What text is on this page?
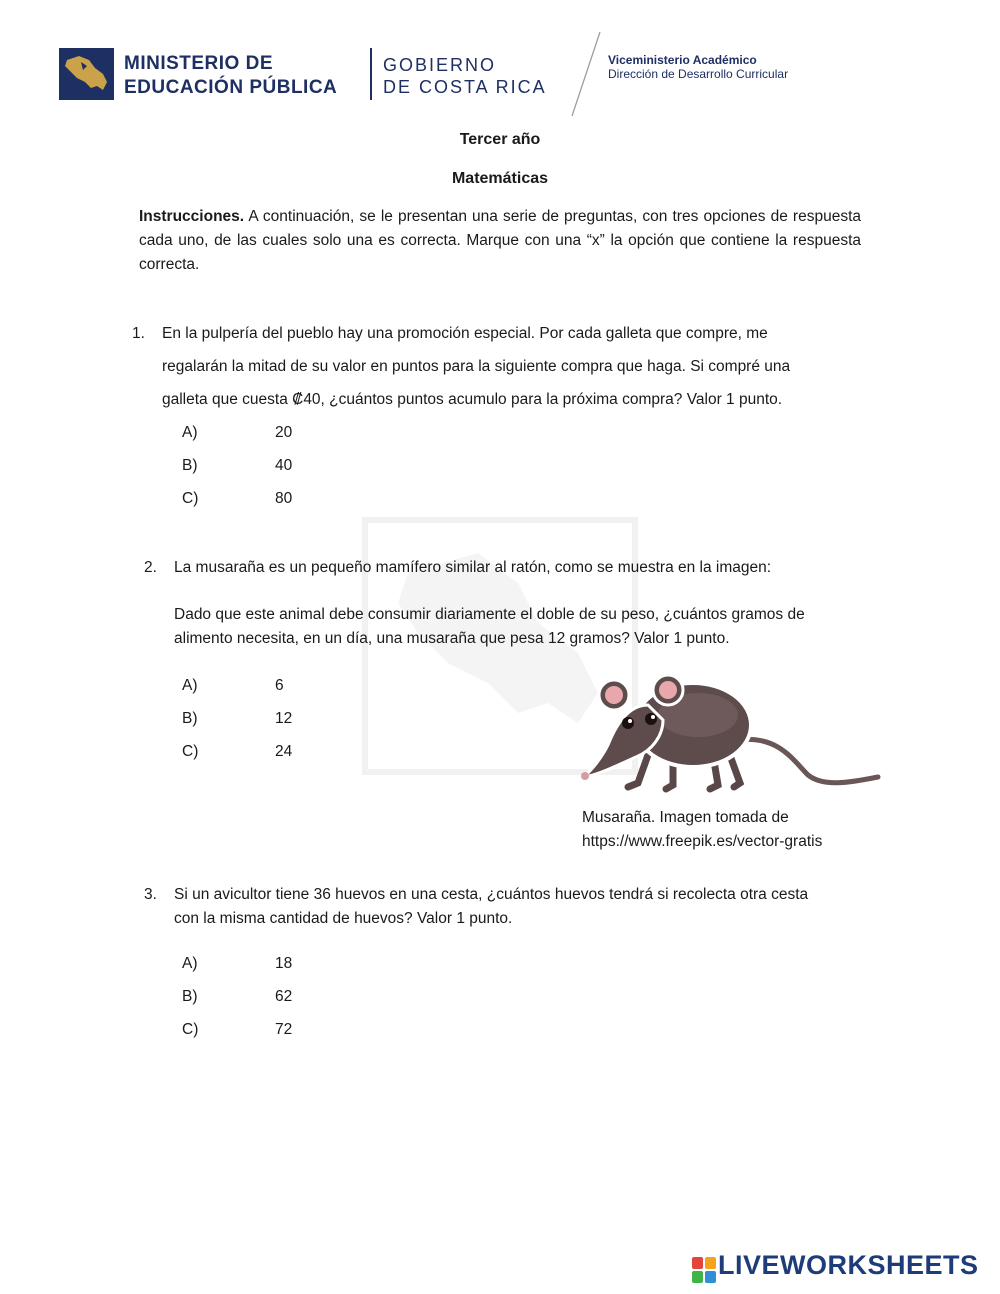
MINISTERIO DE
EDUCACIÓN PÚBLICA
GOBIERNO
DE COSTA RICA
Viceministerio Académico
Dirección de Desarrollo Curricular
Tercer año
Matemáticas
Instrucciones. A continuación, se le presentan una serie de preguntas, con tres opciones de respuesta cada uno, de las cuales solo una es correcta. Marque con una “x” la opción que contiene la respuesta correcta.
1. En la pulpería del pueblo hay una promoción especial. Por cada galleta que compre, me
regalarán la mitad de su valor en puntos para la siguiente compra que haga. Si compré una
galleta que cuesta ₡40, ¿cuántos puntos acumulo para la próxima compra? Valor 1 punto.
A)	20
B)	40
C)	80
2. La musaraña es un pequeño mamífero similar al ratón, como se muestra en la imagen:
Dado que este animal debe consumir diariamente el doble de su peso, ¿cuántos gramos de
alimento necesita, en un día, una musaraña que pesa 12 gramos? Valor 1 punto.
A)	6
B)	12
C)	24
Musaraña. Imagen tomada de
https://www.freepik.es/vector-gratis
3. Si un avicultor tiene 36 huevos en una cesta, ¿cuántos huevos tendrá si recolecta otra cesta
con la misma cantidad de huevos? Valor 1 punto.
A)	18
B)	62
C)	72
LIVEWORKSHEETS
